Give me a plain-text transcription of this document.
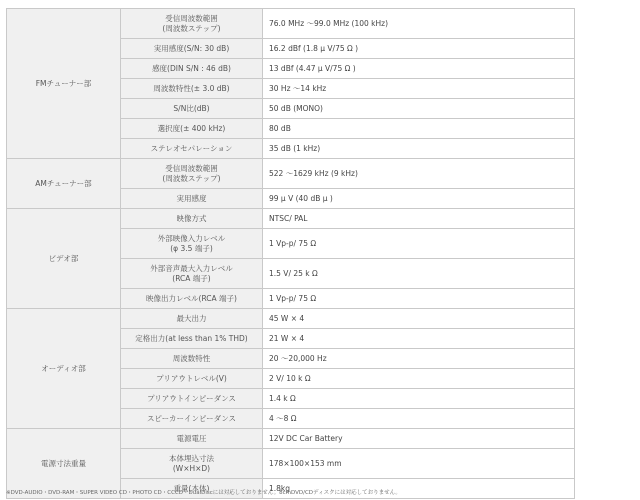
FMチューナー部	受信周波数範囲
(周波数ステップ)	76.0 MHz ～99.0 MHz (100 kHz)

	実用感度(S/N: 30 dB)	16.2 dBf (1.8 μ V/75 Ω )

	感度(DIN S/N : 46 dB)	13 dBf (4.47 μ V/75 Ω )

	周波数特性(± 3.0 dB)	30 Hz ～14 kHz

	S/N比(dB)	50 dB (MONO)

	選択度(± 400 kHz)	80 dB

	ステレオセパレーション	35 dB (1 kHz)
AMチューナー部	受信周波数範囲
(周波数ステップ)	522 ～1629 kHz (9 kHz)

	実用感度	99 μ V (40 dB μ )
ビデオ部	映像方式	NTSC/ PAL

	外部映像入力レベル
(φ 3.5 端子)	1 Vp-p/ 75 Ω

	外部音声最大入力レベル
(RCA 端子)	1.5 V/ 25 k Ω

	映像出力レベル(RCA 端子)	1 Vp-p/ 75 Ω
オーディオ部	最大出力	45 W × 4

	定格出力(at less than 1% THD)	21 W × 4

	周波数特性	20 ～20,000 Hz

	プリアウトレベル(V)	2 V/ 10 k Ω

	プリアウトインピーダンス	1.4 k Ω

	スピーカーインピーダンス	4 ～8 Ω
電源寸法重量	電源電圧	12V DC Car Battery

	本体埋込寸法
(W×H×D)	178×100×153 mm

	重量(本体)	1.8kg
※DVD-AUDIO・DVD-RAM・SUPER VIDEO CD・PHOTO CD・CCCD・DualDiscには対応しておりません。8cmDVD/CDディスクには対応しておりません。
